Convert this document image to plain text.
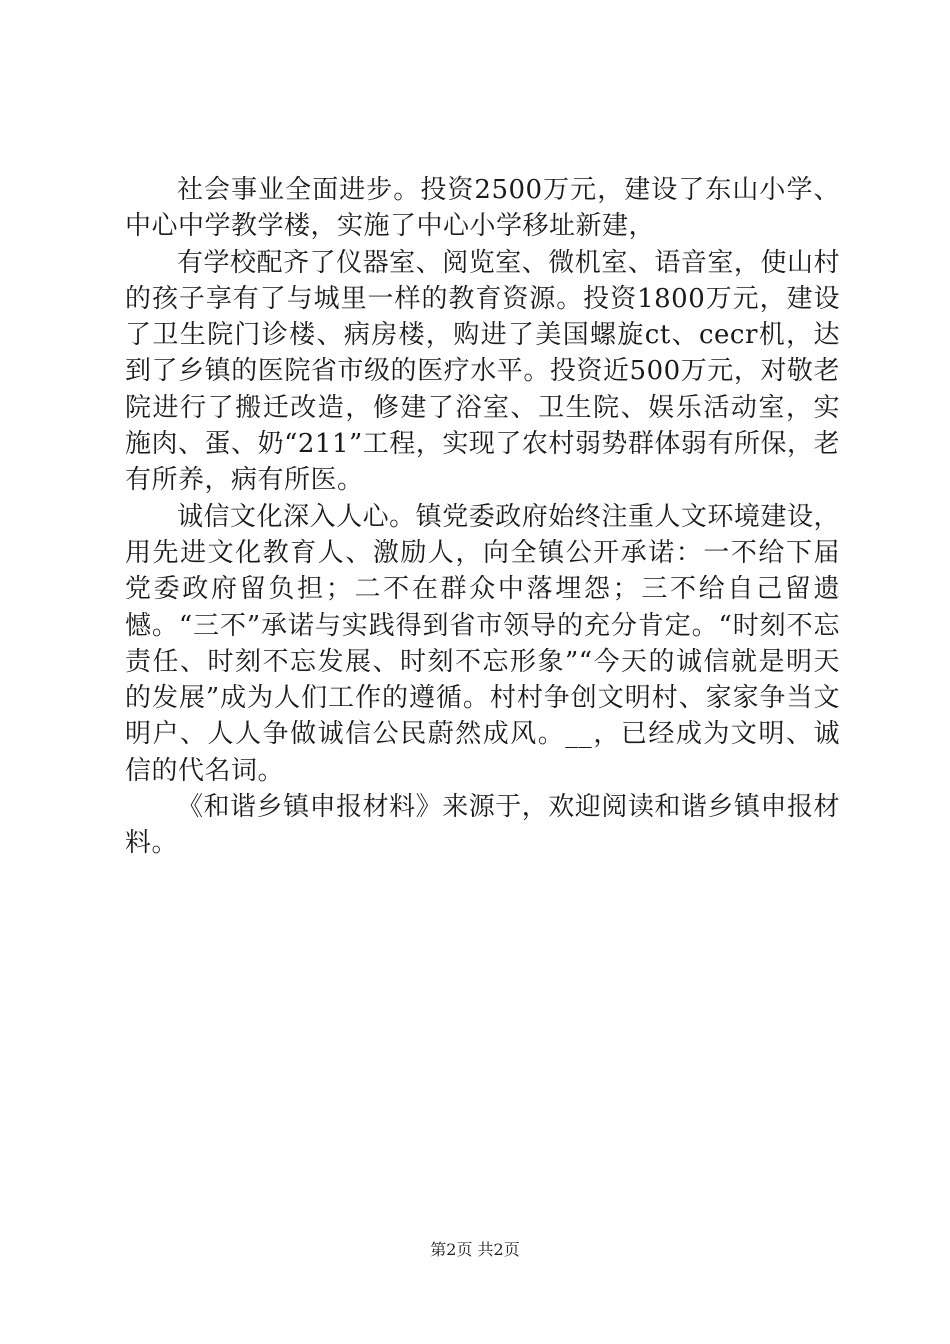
社会事业全面进步。投资2500万元，建设了东山小学、中心中学教学楼，实施了中心小学移址新建，

有学校配齐了仪器室、阅览室、微机室、语音室，使山村的孩子享有了与城里一样的教育资源。投资1800万元，建设了卫生院门诊楼、病房楼，购进了美国螺旋ct、cecr机，达到了乡镇的医院省市级的医疗水平。投资近500万元，对敬老院进行了搬迁改造，修建了浴室、卫生院、娱乐活动室，实施肉、蛋、奶“211”工程，实现了农村弱势群体弱有所保，老有所养，病有所医。

诚信文化深入人心。镇党委政府始终注重人文环境建设，用先进文化教育人、激励人，向全镇公开承诺：一不给下届党委政府留负担；二不在群众中落埋怨；三不给自己留遗憾。“三不”承诺与实践得到省市领导的充分肯定。“时刻不忘责任、时刻不忘发展、时刻不忘形象”“今天的诚信就是明天的发展”成为人们工作的遵循。村村争创文明村、家家争当文明户、人人争做诚信公民蔚然成风。__，已经成为文明、诚信的代名词。

《和谐乡镇申报材料》来源于，欢迎阅读和谐乡镇申报材料。

第2页 共2页
